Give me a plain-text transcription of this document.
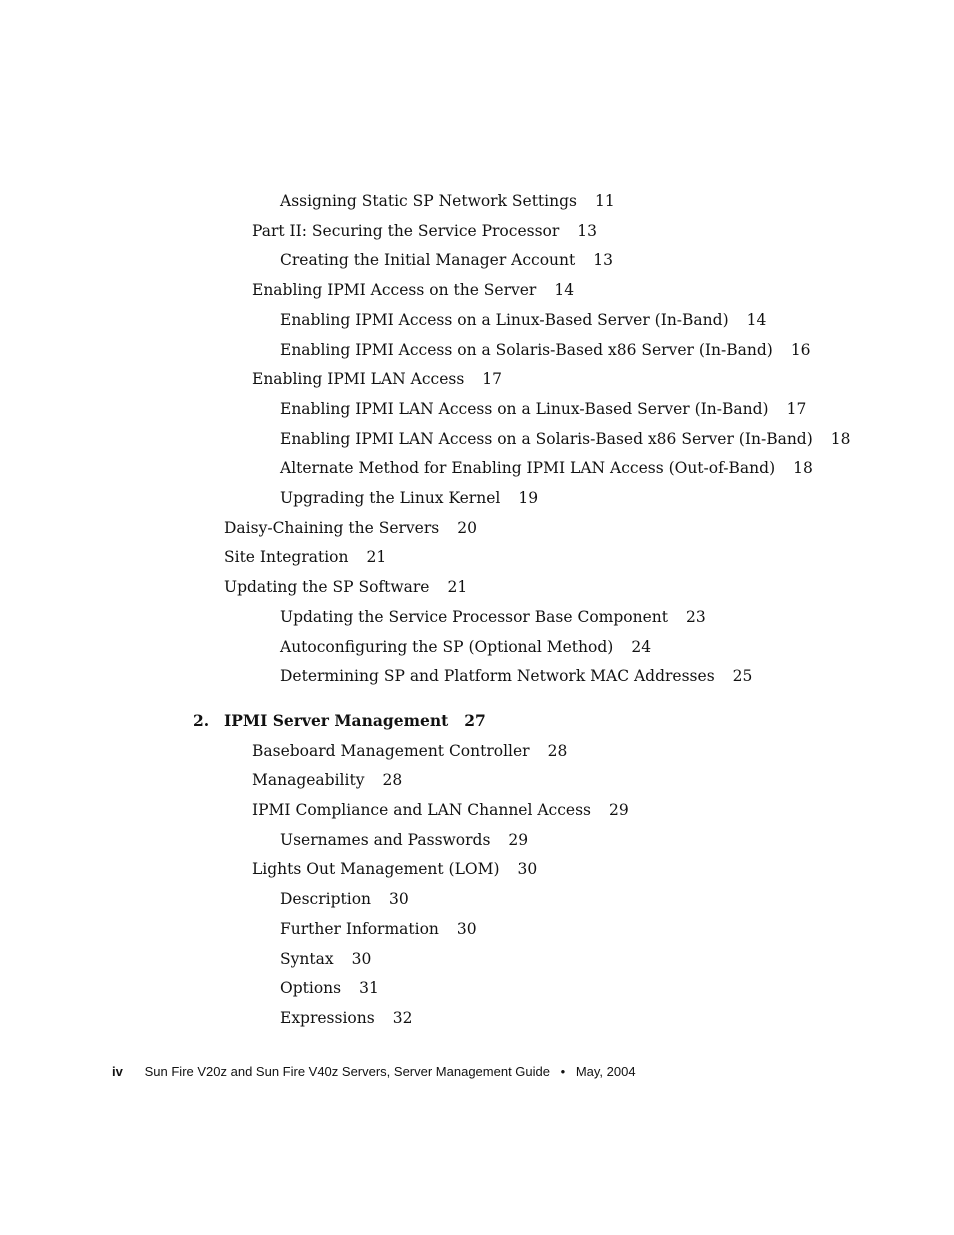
Assigning Static SP Network Settings 11
Part II: Securing the Service Processor 13
Creating the Initial Manager Account 13
Enabling IPMI Access on the Server 14
Enabling IPMI Access on a Linux-Based Server (In-Band) 14
Enabling IPMI Access on a Solaris-Based x86 Server (In-Band) 16
Enabling IPMI LAN Access 17
Enabling IPMI LAN Access on a Linux-Based Server (In-Band) 17
Enabling IPMI LAN Access on a Solaris-Based x86 Server (In-Band) 18
Alternate Method for Enabling IPMI LAN Access (Out-of-Band) 18
Upgrading the Linux Kernel 19
Daisy-Chaining the Servers 20
Site Integration 21
Updating the SP Software 21
Updating the Service Processor Base Component 23
Autoconfiguring the SP (Optional Method) 24
Determining SP and Platform Network MAC Addresses 25
2. IPMI Server Management 27
Baseboard Management Controller 28
Manageability 28
IPMI Compliance and LAN Channel Access 29
Usernames and Passwords 29
Lights Out Management (LOM) 30
Description 30
Further Information 30
Syntax 30
Options 31
Expressions 32
iv Sun Fire V20z and Sun Fire V40z Servers, Server Management Guide • May, 2004
